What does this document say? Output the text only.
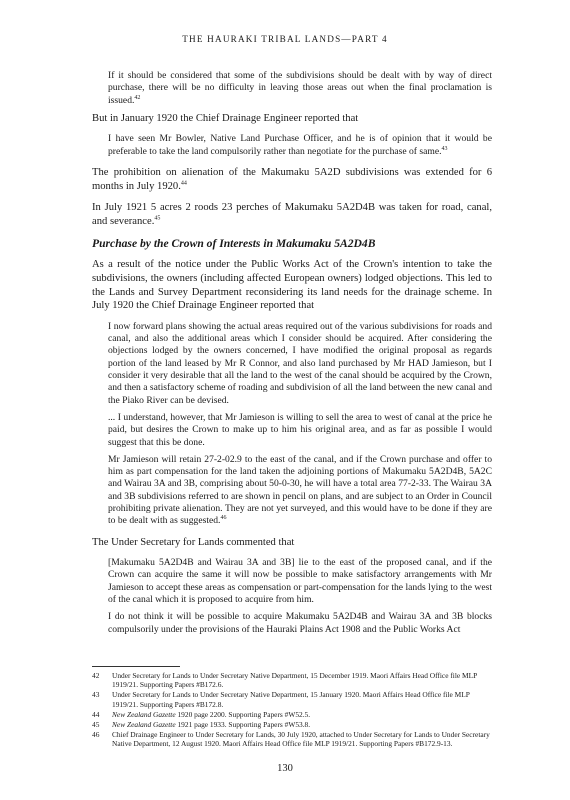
THE HAURAKI TRIBAL LANDS—PART 4

If it should be considered that some of the subdivisions should be dealt with by way of direct purchase, there will be no difficulty in leaving those areas out when the final proclamation is issued.$^{42}$

But in January 1920 the Chief Drainage Engineer reported that

I have seen Mr Bowler, Native Land Purchase Officer, and he is of opinion that it would be preferable to take the land compulsorily rather than negotiate for the purchase of same.$^{43}$

The prohibition on alienation of the Makumaku 5A2D subdivisions was extended for 6 months in July 1920.44

In July 1921 5 acres 2 roods 23 perches of Makumaku 5A2D4B was taken for road, canal, and severance.$^{45}$

Purchase by the Crown of Interests in Makumaku 5A2D4B

As a result of the notice under the Public Works Act of the Crown's intention to take the subdivisions, the owners (including affected European owners) lodged objections. This led to the Lands and Survey Department reconsidering its land needs for the drainage scheme. In July 1920 the Chief Drainage Engineer reported that

I now forward plans showing the actual areas required out of the various subdivisions for roads and canal, and also the additional areas which I consider should be acquired. After considering the objections lodged by the owners concerned, I have modified the original proposal as regards portion of the land leased by Mr R Connor, and also land purchased by Mr HAD Jamieson, but I consider it very desirable that all the land to the west of the canal should be acquired by the Crown, and then a satisfactory scheme of roading and subdivision of all the land between the new canal and the Piako River can be devised.

... I understand, however, that Mr Jamieson is willing to sell the area to west of canal at the price he paid, but desires the Crown to make up to him his original area, and as far as possible I would suggest that this be done.

Mr Jamieson will retain 27-2-02.9 to the east of the canal, and if the Crown purchase and offer to him as part compensation for the land taken the adjoining portions of Makumaku 5A2D4B, 5A2C and Wairau 3A and 3B, comprising about 50-0-30, he will have a total area 77-2-33. The Wairau 3A and 3B subdivisions referred to are shown in pencil on plans, and are subject to an Order in Council prohibiting private alienation. They are not yet surveyed, and this would have to be done if they are to be dealt with as suggested.$^{46}$

The Under Secretary for Lands commented that

[Makumaku 5A2D4B and Wairau 3A and 3B] lie to the east of the proposed canal, and if the Crown can acquire the same it will now be possible to make satisfactory arrangements with Mr Jamieson to accept these areas as compensation or part-compensation for the lands lying to the west of the canal which it is proposed to acquire from him.

I do not think it will be possible to acquire Makumaku 5A2D4B and Wairau 3A and 3B blocks compulsorily under the provisions of the Hauraki Plains Act 1908 and the Public Works Act

42	Under Secretary for Lands to Under Secretary Native Department, 15 December 1919. Maori Affairs Head Office file MLP 1919/21. Supporting Papers #B172.6.
43	Under Secretary for Lands to Under Secretary Native Department, 15 January 1920. Maori Affairs Head Office file MLP 1919/21. Supporting Papers #B172.8.
44	New Zealand Gazette 1920 page 2200. Supporting Papers #W52.5.
45	New Zealand Gazette 1921 page 1933. Supporting Papers #W53.8.
46	Chief Drainage Engineer to Under Secretary for Lands, 30 July 1920, attached to Under Secretary for Lands to Under Secretary Native Department, 12 August 1920. Maori Affairs Head Office file MLP 1919/21. Supporting Papers #B172.9-13.
130
